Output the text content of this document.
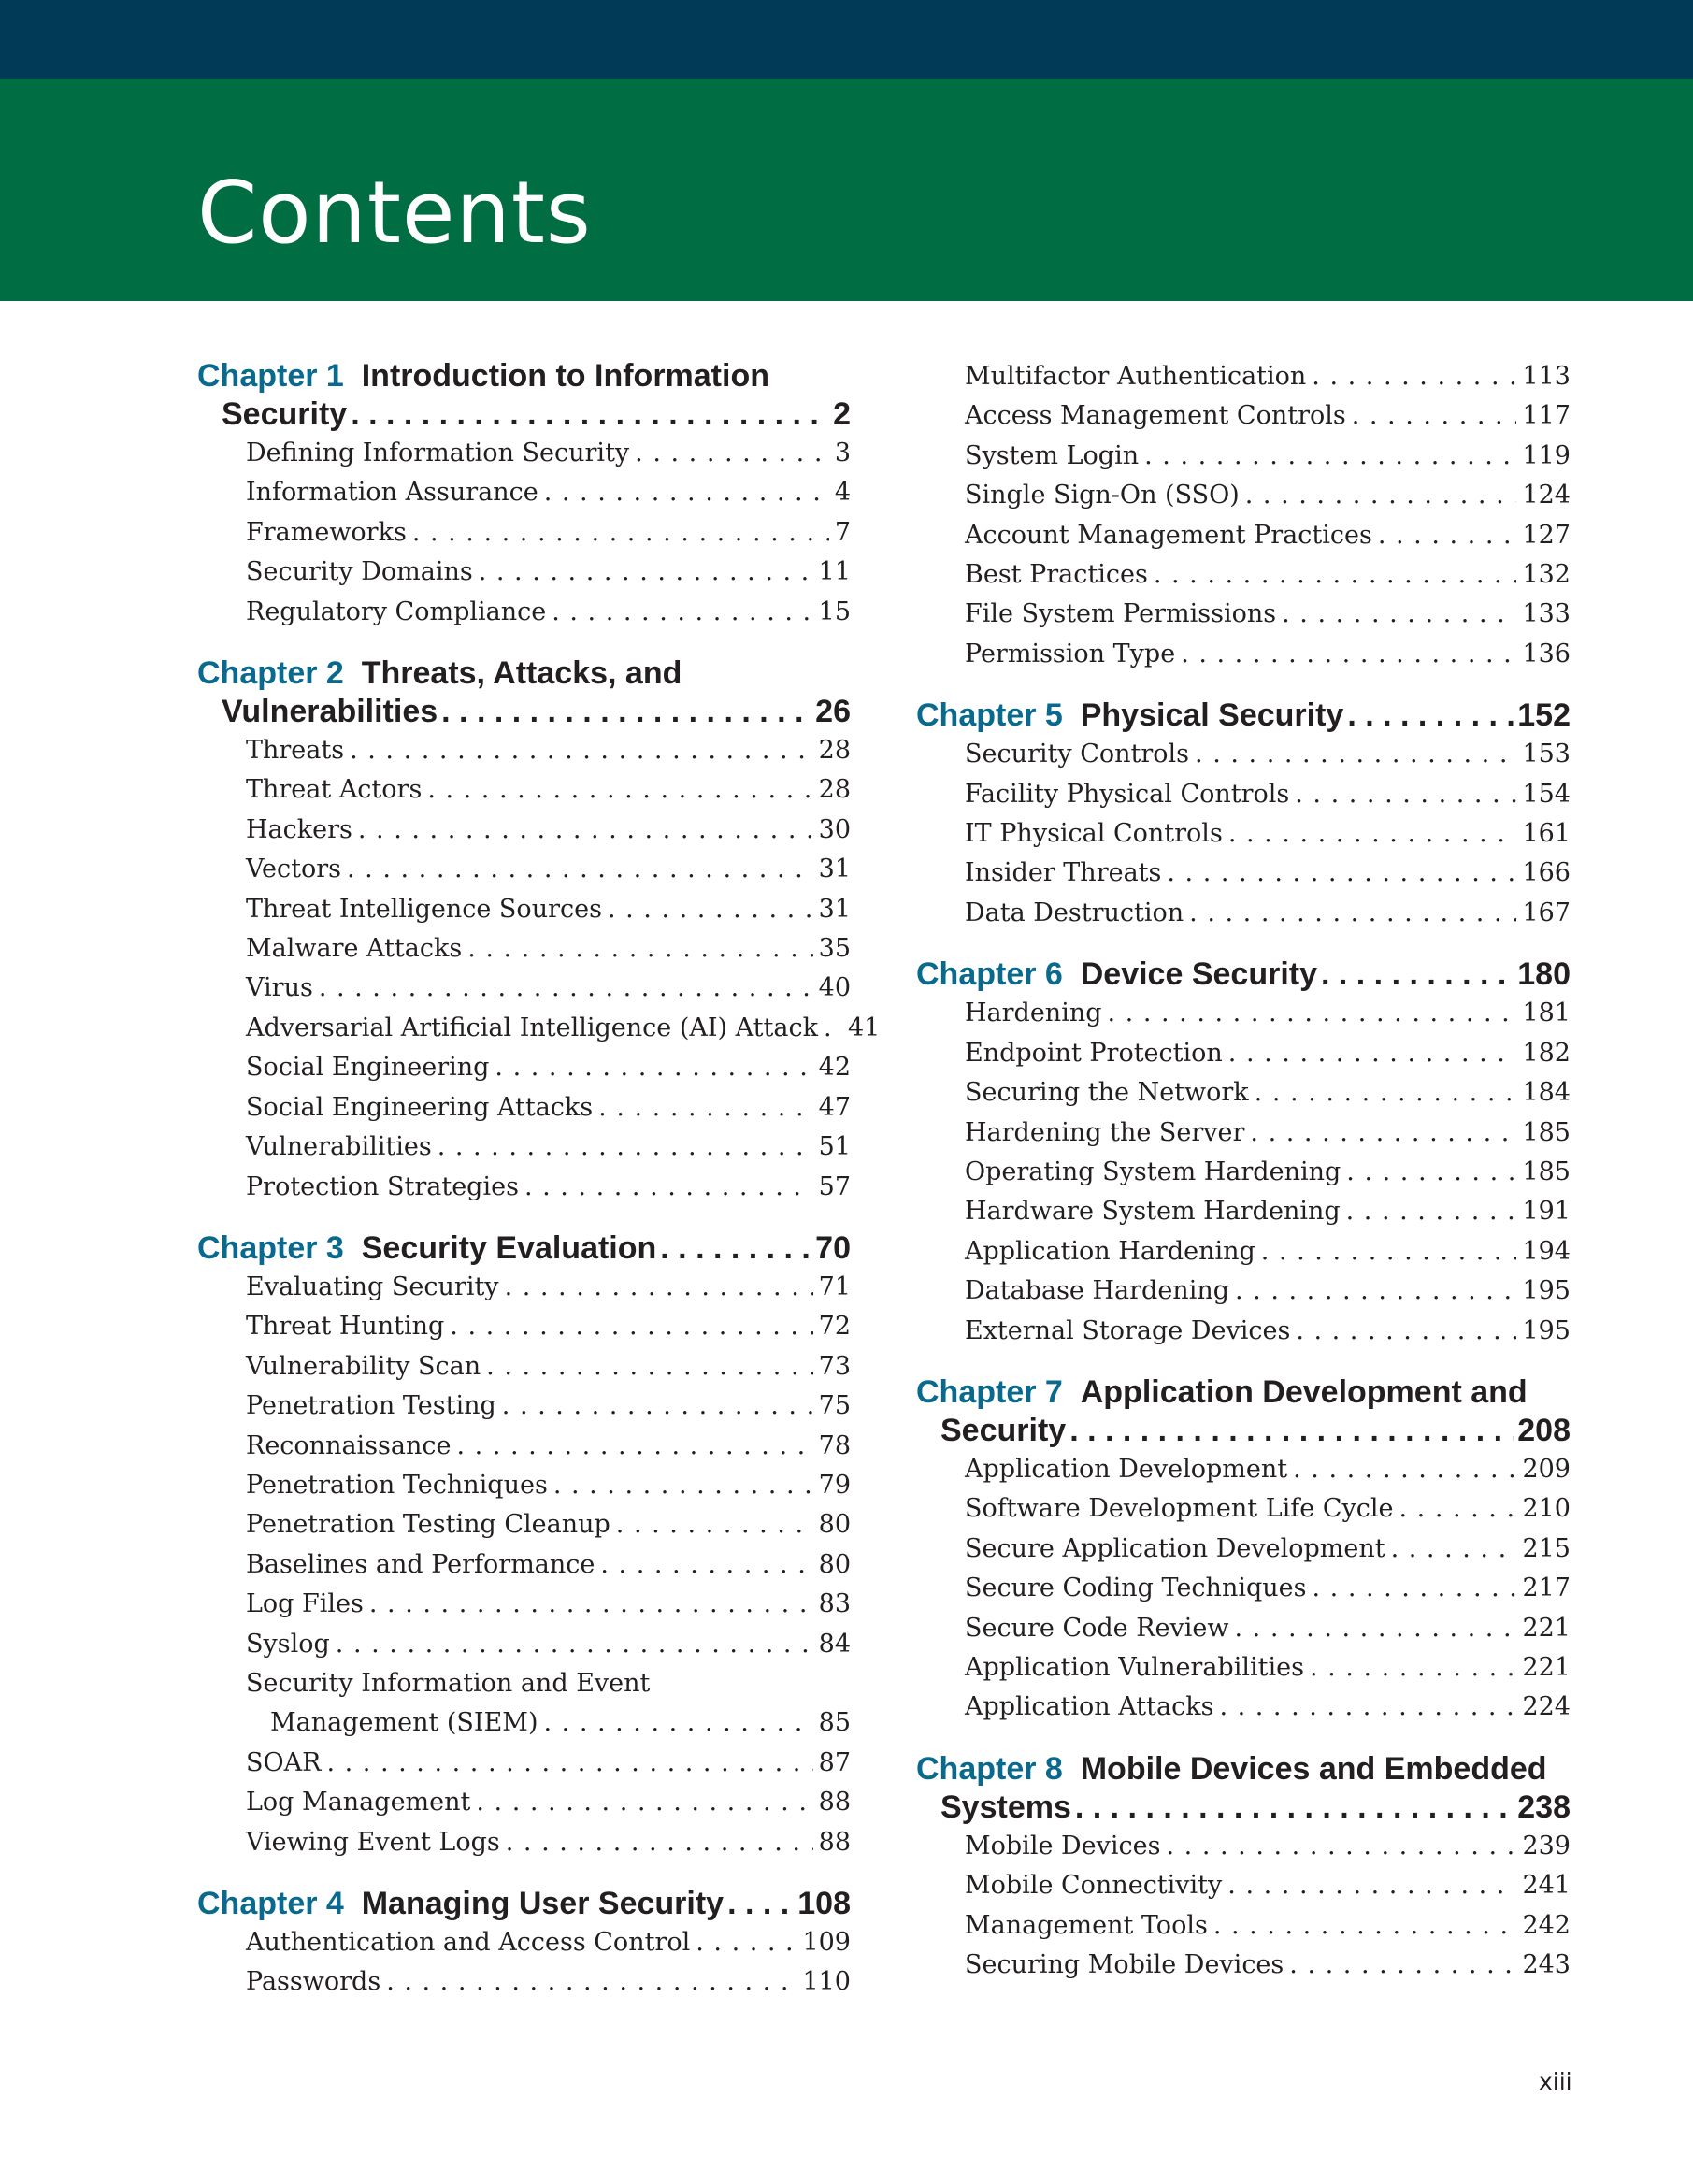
Contents
Chapter 1 Introduction to Information
Security . . .	2
Defining Information Security . . .	3
Information Assurance . . .	4
Frameworks . . .	7
Security Domains . . .	11
Regulatory Compliance . . .	15
Chapter 2 Threats, Attacks, and
Vulnerabilities . . .	26
Threats . . .	28
Threat Actors . . .	28
Hackers . . .	30
Vectors . . .	31
Threat Intelligence Sources . . .	31
Malware Attacks . . .	35
Virus . . .	40
Adversarial Artificial Intelligence (AI) Attack . . . 41
Social Engineering . . .	42
Social Engineering Attacks . . .	47
Vulnerabilities . . .	51
Protection Strategies . . .	57
Chapter 3 Security Evaluation . . .	70
Evaluating Security . . .	71
Threat Hunting . . .	72
Vulnerability Scan . . .	73
Penetration Testing . . .	75
Reconnaissance . . .	78
Penetration Techniques . . .	79
Penetration Testing Cleanup . . .	80
Baselines and Performance . . .	80
Log Files . . .	83
Syslog . . .	84
Security Information and Event
Management (SIEM) . . .	85
SOAR . . .	87
Log Management . . .	88
Viewing Event Logs . . .	88
Chapter 4 Managing User Security . . . 108
Authentication and Access Control . . .	109
Passwords . . .	110
Multifactor Authentication . . .	113
Access Management Controls . . .	117
System Login . . .	119
Single Sign-On (SSO) . . .	124
Account Management Practices . . .	127
Best Practices . . .	132
File System Permissions . . .	133
Permission Type . . .	136
Chapter 5 Physical Security . . .	152
Security Controls . . .	153
Facility Physical Controls . . .	154
IT Physical Controls . . .	161
Insider Threats . . .	166
Data Destruction . . .	167
Chapter 6 Device Security . . .	180
Hardening . . .	181
Endpoint Protection . . .	182
Securing the Network . . .	184
Hardening the Server . . .	185
Operating System Hardening . . .	185
Hardware System Hardening . . .	191
Application Hardening . . .	194
Database Hardening . . .	195
External Storage Devices . . .	195
Chapter 7 Application Development and
Security . . .	208
Application Development . . .	209
Software Development Life Cycle . . .	210
Secure Application Development . . .	215
Secure Coding Techniques . . .	217
Secure Code Review . . .	221
Application Vulnerabilities . . .	221
Application Attacks . . .	224
Chapter 8 Mobile Devices and Embedded
Systems . . .	238
Mobile Devices . . .	239
Mobile Connectivity . . .	241
Management Tools . . .	242
Securing Mobile Devices . . .	243
xiii
